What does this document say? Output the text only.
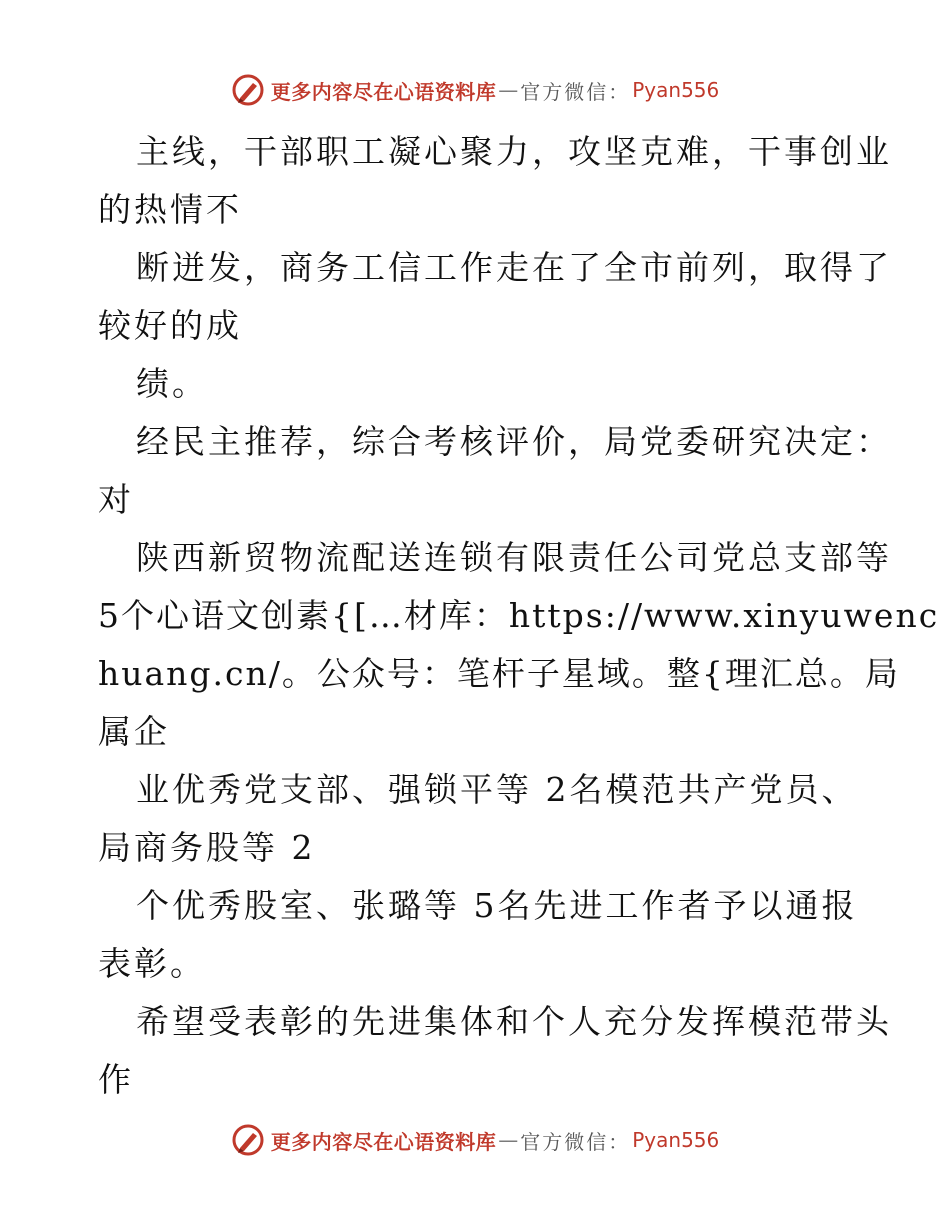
更多内容尽在心语资料库 — 官方微信： Pyan556
主线，干部职工凝心聚力，攻坚克难，干事创业
的热情不
断迸发，商务工信工作走在了全市前列，取得了
较好的成
绩。
经民主推荐，综合考核评价，局党委研究决定：
对
陕西新贸物流配送连锁有限责任公司党总支部等
5个心语文创素{[…材库：https://www.xinyuwenc
huang.cn/。公众号：笔杆子星域。整{理汇总。局
属企
业优秀党支部、强锁平等 2名模范共产党员、
局商务股等 2
个优秀股室、张璐等 5名先进工作者予以通报
表彰。
希望受表彰的先进集体和个人充分发挥模范带头
作
更多内容尽在心语资料库 — 官方微信： Pyan556
